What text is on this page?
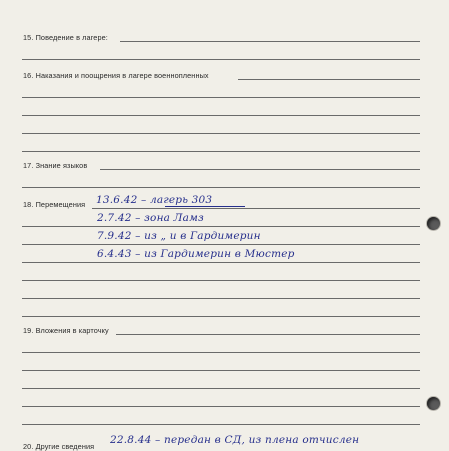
15. Поведение в лагере:
16. Наказания и поощрения в лагере военнопленных
17. Знание языков
18. Перемещения 13.6.42 – лагерь 303
2.7.42 – зона Ламз
7.9.42 – из „ и в Гардимерин
6.4.43 – из Гардимерин в Мюстер
19. Вложения в карточку
20. Другие сведения
22.8.44 – передан в СД, из плена отчислен
